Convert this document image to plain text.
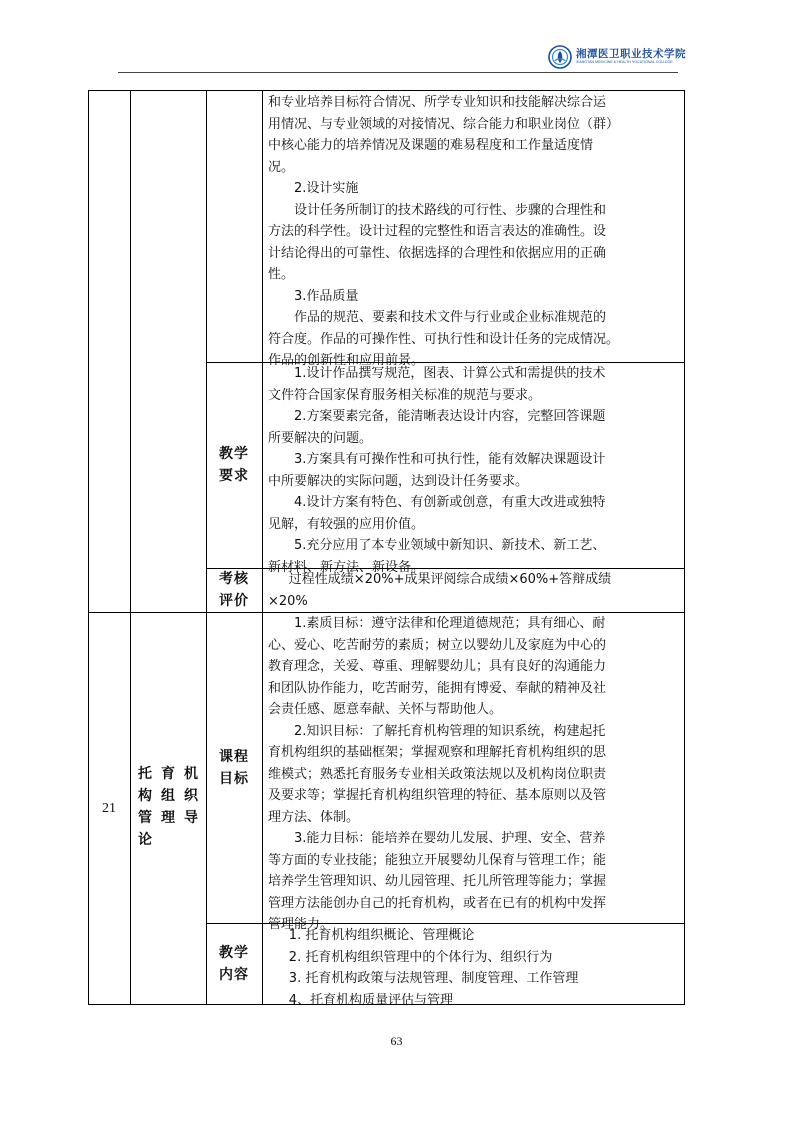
湘潭医卫职业技术学院
XIANGTAN MEDICINE & HEALTH VOCATIONAL COLLEGE

和专业培养目标符合情况、所学专业知识和技能解决综合运

用情况、与专业领域的对接情况、综合能力和职业岗位（群）

中核心能力的培养情况及课题的难易程度和工作量适度情

况。

2.设计实施

设计任务所制订的技术路线的可行性、步骤的合理性和

方法的科学性。设计过程的完整性和语言表达的准确性。设

计结论得出的可靠性、依据选择的合理性和依据应用的正确

性。

3.作品质量

作品的规范、要素和技术文件与行业或企业标准规范的

符合度。作品的可操作性、可执行性和设计任务的完成情况。

作品的创新性和应用前景。

教学
要求

1.设计作品撰写规范，图表、计算公式和需提供的技术

文件符合国家保育服务相关标准的规范与要求。

2.方案要素完备，能清晰表达设计内容，完整回答课题

所要解决的问题。

3.方案具有可操作性和可执行性，能有效解决课题设计

中所要解决的实际问题，达到设计任务要求。

4.设计方案有特色、有创新或创意，有重大改进或独特

见解，有较强的应用价值。

5.充分应用了本专业领域中新知识、新技术、新工艺、

新材料、新方法、新设备。

考核
评价

过程性成绩×20%+成果评阅综合成绩×60%+答辩成绩

×20%

21
托 育 机
构 组 织
管 理 导
论
课程
目标

1.素质目标：遵守法律和伦理道德规范；具有细心、耐

心、爱心、吃苦耐劳的素质；树立以婴幼儿及家庭为中心的

教育理念，关爱、尊重、理解婴幼儿；具有良好的沟通能力

和团队协作能力，吃苦耐劳，能拥有博爱、奉献的精神及社

会责任感、愿意奉献、关怀与帮助他人。

2.知识目标：了解托育机构管理的知识系统，构建起托

育机构组织的基础框架；掌握观察和理解托育机构组织的思

维模式；熟悉托育服务专业相关政策法规以及机构岗位职责

及要求等；掌握托育机构组织管理的特征、基本原则以及管

理方法、体制。

3.能力目标：能培养在婴幼儿发展、护理、安全、营养

等方面的专业技能；能独立开展婴幼儿保育与管理工作；能

培养学生管理知识、幼儿园管理、托儿所管理等能力；掌握

管理方法能创办自己的托育机构，或者在已有的机构中发挥

管理能力。

教学
内容

1. 托育机构组织概论、管理概论

2. 托育机构组织管理中的个体行为、组织行为

3. 托育机构政策与法规管理、制度管理、工作管理

4、托育机构质量评估与管理

63
